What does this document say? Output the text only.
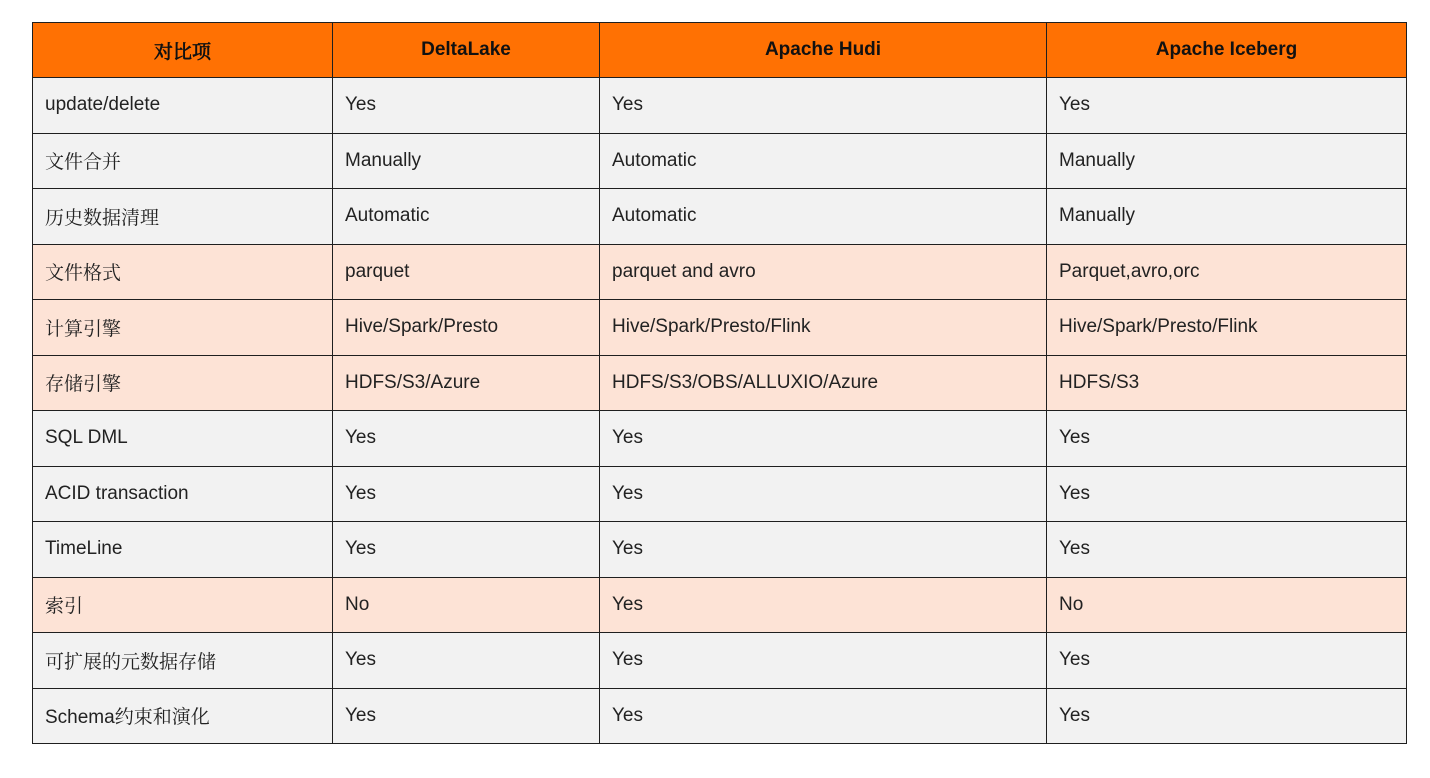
对比项	DeltaLake	Apache Hudi	Apache Iceberg
update/delete	Yes	Yes	Yes
文件合并	Manually	Automatic	Manually
历史数据清理	Automatic	Automatic	Manually
文件格式	parquet	parquet and avro	Parquet,avro,orc
计算引擎	Hive/Spark/Presto	Hive/Spark/Presto/Flink	Hive/Spark/Presto/Flink
存储引擎	HDFS/S3/Azure	HDFS/S3/OBS/ALLUXIO/Azure	HDFS/S3
SQL DML	Yes	Yes	Yes
ACID transaction	Yes	Yes	Yes
TimeLine	Yes	Yes	Yes
索引	No	Yes	No
可扩展的元数据存储	Yes	Yes	Yes
Schema约束和演化	Yes	Yes	Yes
